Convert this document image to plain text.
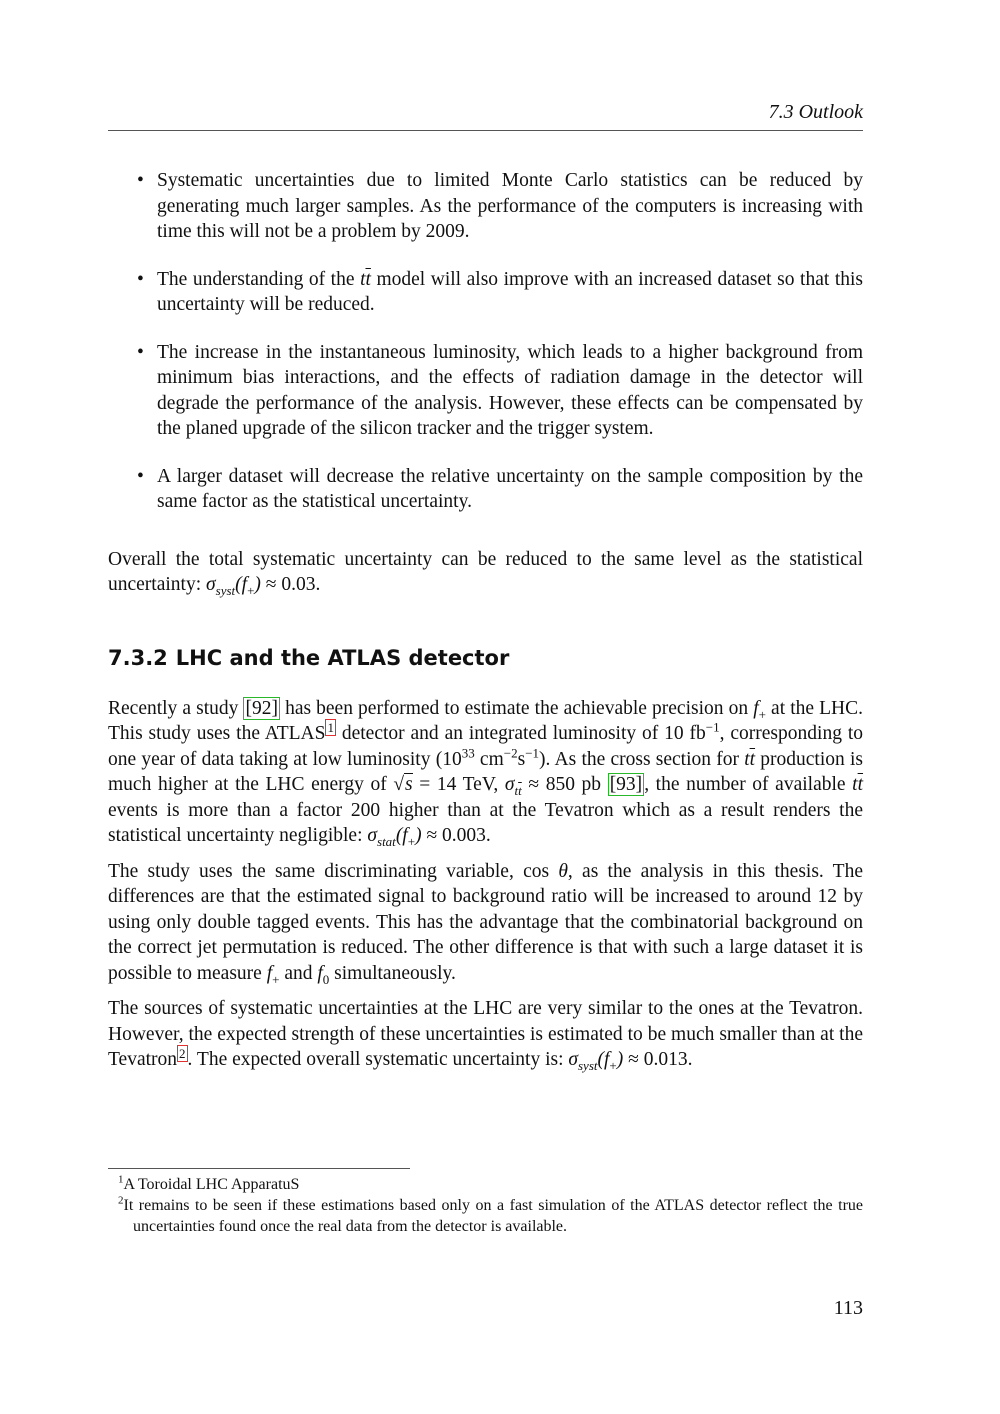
7.3 Outlook
• Systematic uncertainties due to limited Monte Carlo statistics can be reduced by generating much larger samples. As the performance of the computers is increasing with time this will not be a problem by 2009.
• The understanding of the $t\overline{t}$ model will also improve with an increased dataset so that this uncertainty will be reduced.
• The increase in the instantaneous luminosity, which leads to a higher background from minimum bias interactions, and the effects of radiation damage in the detector will degrade the performance of the analysis. However, these effects can be compensated by the planed upgrade of the silicon tracker and the trigger system.
• A larger dataset will decrease the relative uncertainty on the sample composition by the same factor as the statistical uncertainty.

Overall the total systematic uncertainty can be reduced to the same level as the statistical uncertainty: $\sigma_{syst}(f_+) \approx 0.03$.

7.3.2 LHC and the ATLAS detector

Recently a study [92] has been performed to estimate the achievable precision on $f_+$ at the LHC. This study uses the ATLAS $^1$ detector and an integrated luminosity of 10 $fb^{-1}$, corresponding to one year of data taking at low luminosity ($10^{33}$ $cm^{-2}s^{-1}$). As the cross section for $t\overline{t}$ production is much higher at the LHC energy of √s = 14 TeV, $\sigma_{t\overline{t}} \approx 850$ pb [93] , the number of available $t\overline{t}$ events is more than a factor 200 higher than at the Tevatron which as a result renders the statistical uncertainty negligible: $\sigma_{stat}(f_+) \approx 0.003$.

The study uses the same discriminating variable, cos θ, as the analysis in this thesis. The differences are that the estimated signal to background ratio will be increased to around 12 by using only double tagged events. This has the advantage that the combinatorial background on the correct jet permutation is reduced. The other difference is that with such a large dataset it is possible to measure $f_+$ and $f_0$ simultaneously.

The sources of systematic uncertainties at the LHC are very similar to the ones at the Tevatron. However, the expected strength of these uncertainties is estimated to be much smaller than at the Tevatron $^2$ . The expected overall systematic uncertainty is: $\sigma_{syst}(f_+) \approx 0.013$.

$^1$A Toroidal LHC ApparatuS
$^2$It remains to be seen if these estimations based only on a fast simulation of the ATLAS detector reflect the true uncertainties found once the real data from the detector is available.
113
